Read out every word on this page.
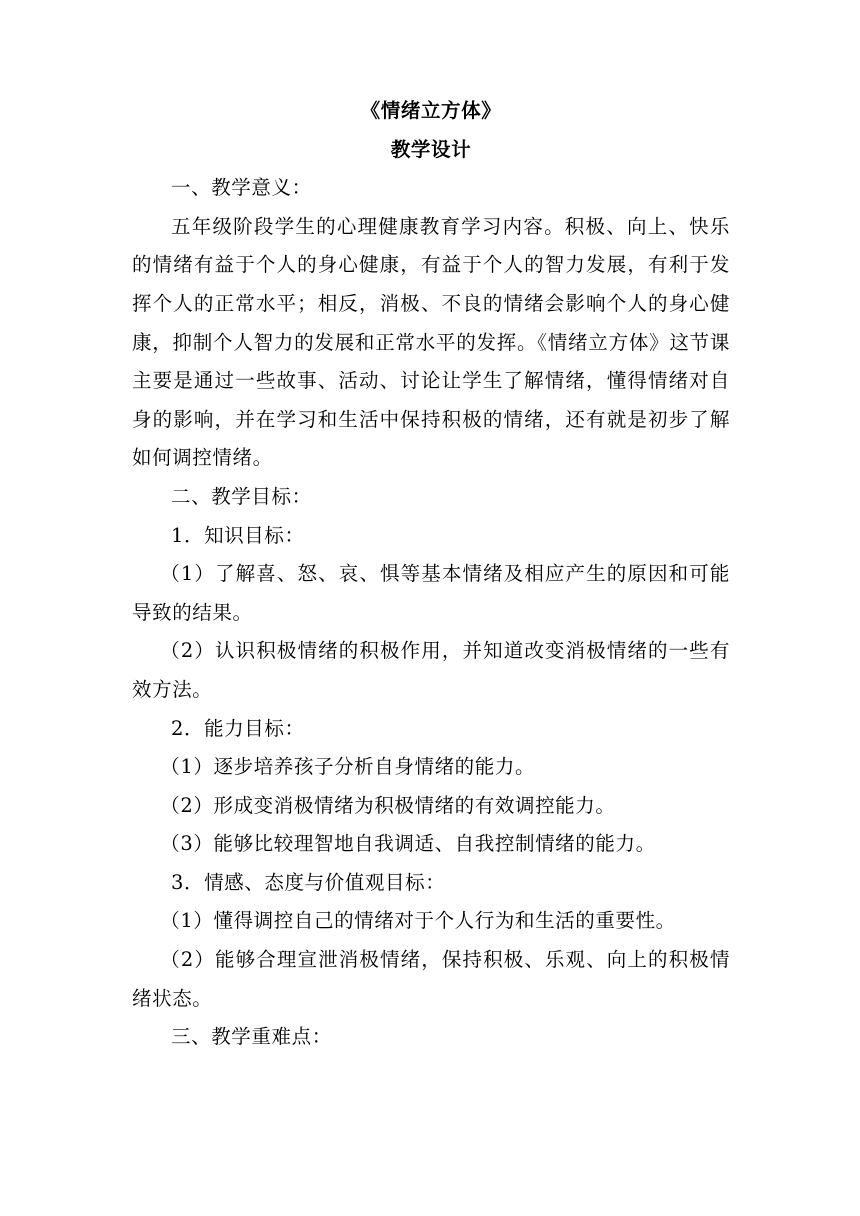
《情绪立方体》

教学设计

一、教学意义：

五年级阶段学生的心理健康教育学习内容。积极、向上、快乐的情绪有益于个人的身心健康，有益于个人的智力发展，有利于发挥个人的正常水平；相反，消极、不良的情绪会影响个人的身心健康，抑制个人智力的发展和正常水平的发挥。《情绪立方体》这节课主要是通过一些故事、活动、讨论让学生了解情绪，懂得情绪对自身的影响，并在学习和生活中保持积极的情绪，还有就是初步了解如何调控情绪。

二、教学目标：

1．知识目标：

（1）了解喜、怒、哀、惧等基本情绪及相应产生的原因和可能导致的结果。

（2）认识积极情绪的积极作用，并知道改变消极情绪的一些有效方法。

2．能力目标：

（1）逐步培养孩子分析自身情绪的能力。

（2）形成变消极情绪为积极情绪的有效调控能力。

（3）能够比较理智地自我调适、自我控制情绪的能力。

3．情感、态度与价值观目标：

（1）懂得调控自己的情绪对于个人行为和生活的重要性。

（2）能够合理宣泄消极情绪，保持积极、乐观、向上的积极情绪状态。

三、教学重难点：
